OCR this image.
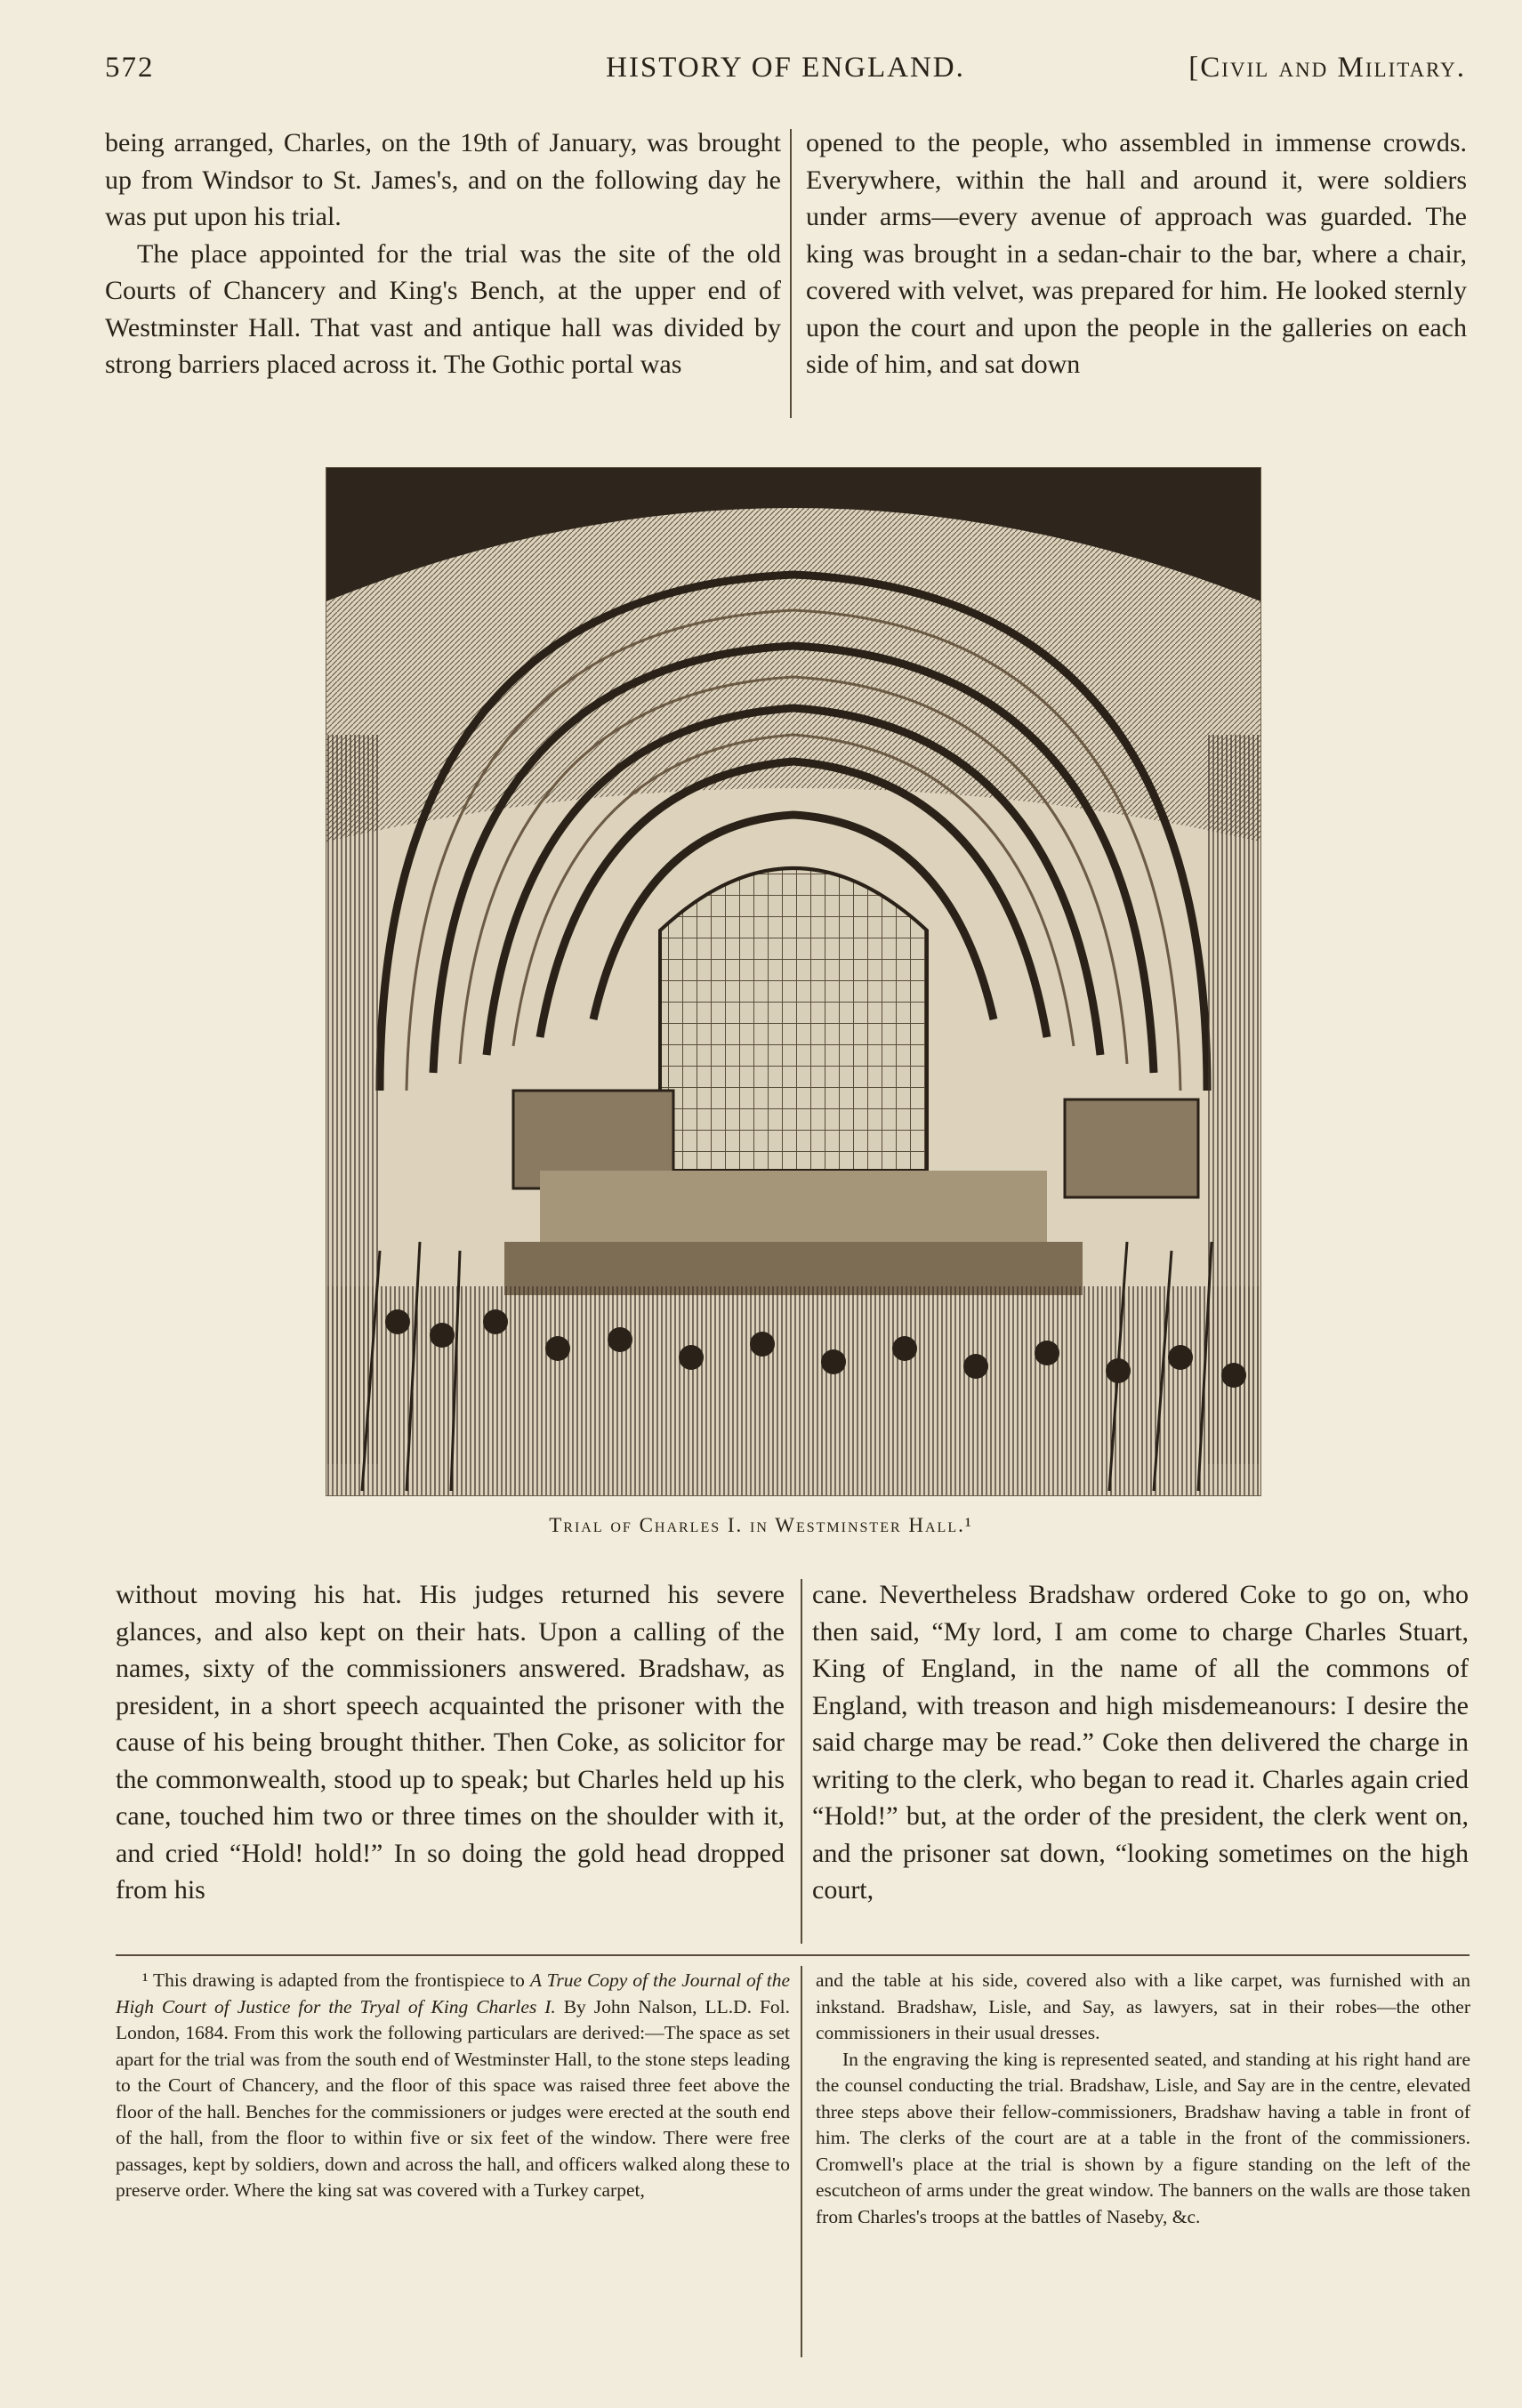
572	HISTORY OF ENGLAND.	[Civil and Military.

being arranged, Charles, on the 19th of January, was brought up from Windsor to St. James's, and on the following day he was put upon his trial.

The place appointed for the trial was the site of the old Courts of Chancery and King's Bench, at the upper end of Westminster Hall. That vast and antique hall was divided by strong barriers placed across it. The Gothic portal was

opened to the people, who assembled in immense crowds. Everywhere, within the hall and around it, were soldiers under arms—every avenue of approach was guarded. The king was brought in a sedan-chair to the bar, where a chair, covered with velvet, was prepared for him. He looked sternly upon the court and upon the people in the galleries on each side of him, and sat down

Trial of Charles I. in Westminster Hall.¹

without moving his hat. His judges returned his severe glances, and also kept on their hats. Upon a calling of the names, sixty of the commissioners answered. Bradshaw, as president, in a short speech acquainted the prisoner with the cause of his being brought thither. Then Coke, as solicitor for the commonwealth, stood up to speak; but Charles held up his cane, touched him two or three times on the shoulder with it, and cried “Hold! hold!” In so doing the gold head dropped from his

cane. Nevertheless Bradshaw ordered Coke to go on, who then said, “My lord, I am come to charge Charles Stuart, King of England, in the name of all the commons of England, with treason and high misdemeanours: I desire the said charge may be read.” Coke then delivered the charge in writing to the clerk, who began to read it. Charles again cried “Hold!” but, at the order of the president, the clerk went on, and the prisoner sat down, “looking sometimes on the high court,

¹ This drawing is adapted from the frontispiece to A True Copy of the Journal of the High Court of Justice for the Tryal of King Charles I. By John Nalson, LL.D. Fol. London, 1684. From this work the following particulars are derived:—The space as set apart for the trial was from the south end of Westminster Hall, to the stone steps leading to the Court of Chancery, and the floor of this space was raised three feet above the floor of the hall. Benches for the commissioners or judges were erected at the south end of the hall, from the floor to within five or six feet of the window. There were free passages, kept by soldiers, down and across the hall, and officers walked along these to preserve order. Where the king sat was covered with a Turkey carpet,

and the table at his side, covered also with a like carpet, was furnished with an inkstand. Bradshaw, Lisle, and Say, as lawyers, sat in their robes—the other commissioners in their usual dresses.

In the engraving the king is represented seated, and standing at his right hand are the counsel conducting the trial. Bradshaw, Lisle, and Say are in the centre, elevated three steps above their fellow-commissioners, Bradshaw having a table in front of him. The clerks of the court are at a table in the front of the commissioners. Cromwell's place at the trial is shown by a figure standing on the left of the escutcheon of arms under the great window. The banners on the walls are those taken from Charles's troops at the battles of Naseby, &c.
